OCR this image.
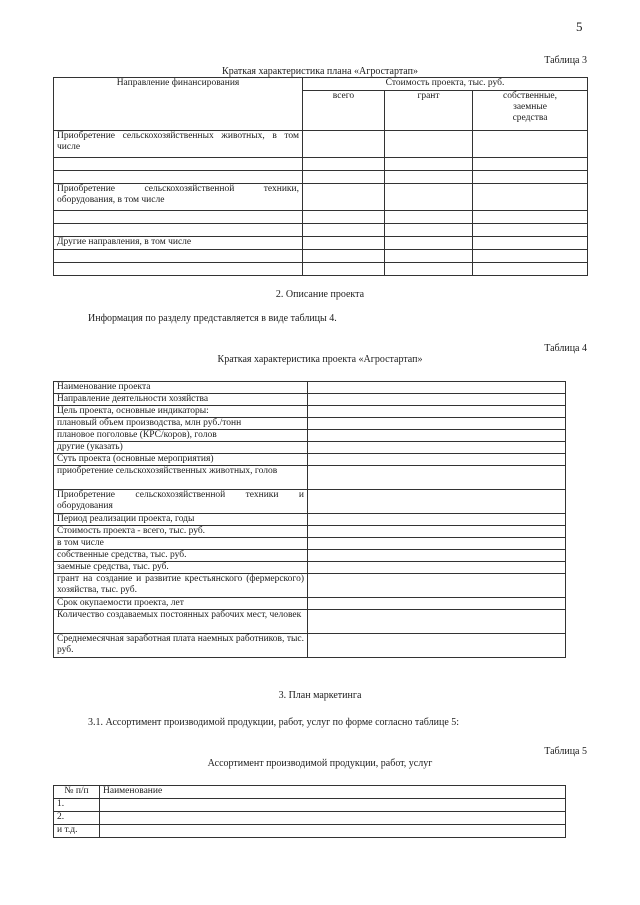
5
Таблица 3
Краткая характеристика плана «Агростартап»
Направление финансирования	Стоимость проекта, тыс. руб.		
	всего	грант	собственные,
заемные
средства
Приобретение сельскохозяйственных животных, в том числе			

Приобретение сельскохозяйственной техники, оборудования, в том числе			

Другие направления, в том числе			

2. Описание проекта
Информация по разделу представляется в виде таблицы 4.
Таблица 4
Краткая характеристика проекта «Агростартап»
Наименование проекта	
Направление деятельности хозяйства	
Цель проекта, основные индикаторы:	
плановый объем производства, млн руб./тонн	
плановое поголовье (КРС/коров), голов	
другие (указать)	
Суть проекта (основные мероприятия)	
приобретение сельскохозяйственных животных, голов	
Приобретение сельскохозяйственной техники и оборудования	
Период реализации проекта, годы	
Стоимость проекта - всего, тыс. руб.	
в том числе	
собственные средства, тыс. руб.	
заемные средства, тыс. руб.	
грант на создание и развитие крестьянского (фермерского) хозяйства, тыс. руб.	
Срок окупаемости проекта, лет	
Количество создаваемых постоянных рабочих мест, человек	
Среднемесячная заработная плата наемных работников, тыс. руб.	
3. План маркетинга
3.1. Ассортимент производимой продукции, работ, услуг по форме согласно таблице 5:
Таблица 5
Ассортимент производимой продукции, работ, услуг
№ п/п	Наименование
1.	
2.	
и т.д.	
